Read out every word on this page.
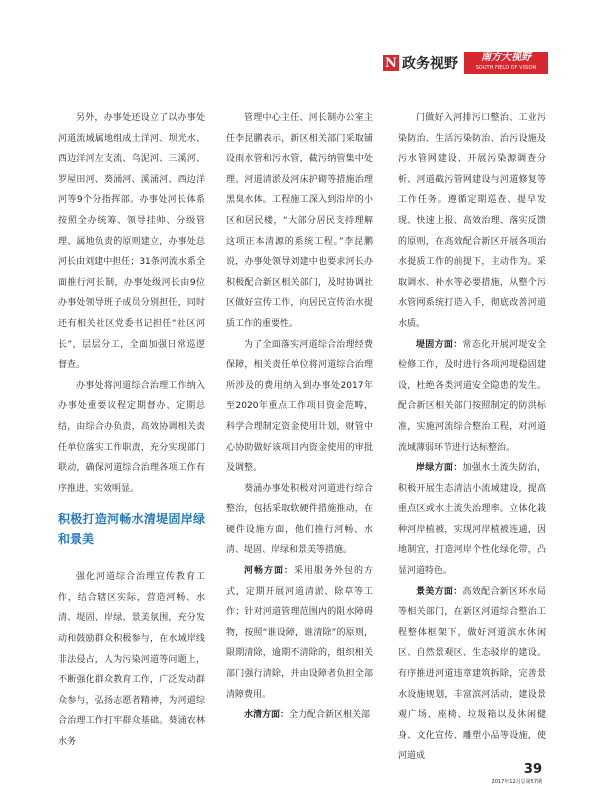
N 政务视野	南方大视野
SOUTH FIELD OF VISION

另外，办事处还设立了以办事处河道流域属地组成土洋河、坝光水、西边洋河左支流、乌泥河、三溪河、罗屋田河、葵涌河、溪涌河、西边洋河等9个分指挥部。办事处河长体系按照全办统筹、领导挂帅、分级管理、属地负责的原则建立，办事处总河长由刘建中担任；31条河流水系全面推行河长制，办事处级河长由9位办事处领导班子成员分别担任，同时还有相关社区党委书记担任“社区河长”，层层分工，全面加强日常巡逻督查。

办事处将河道综合治理工作纳入办事处重要议程定期督办、定期总结，由综合办负责，高效协调相关责任单位落实工作职责，充分实现部门联动，确保河道综合治理各项工作有序推进、实效明显。

积极打造河畅水清堤固岸绿和景美

强化河道综合治理宣传教育工作，结合辖区实际，营造河畅、水清、堤固、岸绿、景美氛围，充分发动和鼓励群众积极参与，在水域岸线非法侵占，人为污染河道等问题上，不断强化群众教育工作，广泛发动群众参与，弘扬志愿者精神，为河道综合治理工作打牢群众基础。葵涌农林水务

管理中心主任、河长制办公室主任李昆鹏表示，新区相关部门采取铺设雨水管和污水管，截污纳管集中处理、河道清淤及河床护砌等措施治理黑臭水体。工程施工深入到沿岸的小区和居民楼，“大部分居民支持理解这项正本清源的系统工程。”李昆鹏说，办事处领导刘建中也要求河长办积极配合新区相关部门，及时协调社区做好宣传工作，向居民宣传治水提质工作的重要性。

为了全面落实河道综合治理经费保障，相关责任单位将河道综合治理所涉及的费用纳入到办事处2017年至2020年重点工作项目资金范畴，科学合理制定资金使用计划，财管中心协助做好该项目内资金使用的审批及调整。

葵涌办事处积极对河道进行综合整治，包括采取软硬件措施推动，在硬件设施方面，他们推行河畅、水清、堤固、岸绿和景美等措施。

河畅方面：采用服务外包的方式，定期开展河道清淤、除草等工作；针对河道管理范围内的阻水障碍物，按照“谁设障，谁清除”的原则，限期清除，逾期不清除的，组织相关部门强行清除，并由设障者负担全部清障费用。

水清方面：全力配合新区相关部

门做好入河排污口整治、工业污染防治、生活污染防治、治污设施及污水管网建设、开展污染源调查分析、河道截污管网建设与河道修复等工作任务。遵循定期巡查、提早发现、快速上报、高效治理、落实反馈的原则，在高效配合新区开展各项治水提质工作的前提下，主动作为。采取调水、补水等必要措施，从整个污水管网系统打造入手，彻底改善河道水质。

堤固方面：常态化开展河堤安全检修工作，及时进行各项河堤稳固建设，杜绝各类河道安全隐患的发生。配合新区相关部门按照制定的防洪标准，实施河流综合整治工程，对河道流域薄弱环节进行达标整治。

岸绿方面：加强水土流失防治，积极开展生态清洁小流域建设，提高重点区或水土流失治理率。立体化栽种河岸植被，实现河岸植被连通，因地制宜，打造河岸个性化绿化带，凸显河道特色。

景美方面：高效配合新区环水局等相关部门，在新区河道综合整治工程整体框架下，做好河道滨水休闲区、自然景观区、生态驳岸的建设。有序推进河道违章建筑拆除，完善景水设施规划，丰富滨河活动，建设景观广场、座椅、垃圾箱以及休闲健身、文化宣传、雕塑小品等设施，使河道成

39
2017年12月总第57期
